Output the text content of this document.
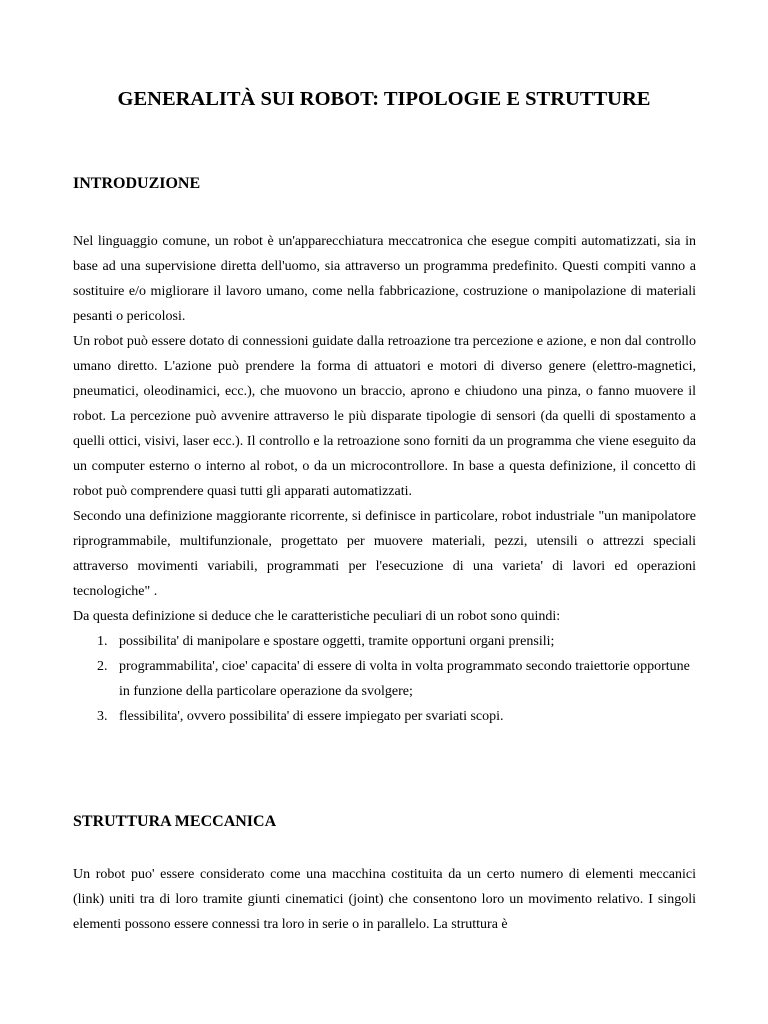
GENERALITÀ SUI ROBOT: TIPOLOGIE E STRUTTURE
INTRODUZIONE

Nel linguaggio comune, un robot è un'apparecchiatura meccatronica che esegue compiti automatizzati, sia in base ad una supervisione diretta dell'uomo, sia attraverso un programma predefinito. Questi compiti vanno a sostituire e/o migliorare il lavoro umano, come nella fabbricazione, costruzione o manipolazione di materiali pesanti o pericolosi.

Un robot può essere dotato di connessioni guidate dalla retroazione tra percezione e azione, e non dal controllo umano diretto. L'azione può prendere la forma di attuatori e motori di diverso genere (elettro-magnetici, pneumatici, oleodinamici, ecc.), che muovono un braccio, aprono e chiudono una pinza, o fanno muovere il robot. La percezione può avvenire attraverso le più disparate tipologie di sensori (da quelli di spostamento a quelli ottici, visivi, laser ecc.). Il controllo e la retroazione sono forniti da un programma che viene eseguito da un computer esterno o interno al robot, o da un microcontrollore. In base a questa definizione, il concetto di robot può comprendere quasi tutti gli apparati automatizzati.

Secondo una definizione maggiorante ricorrente, si definisce in particolare, robot industriale "un manipolatore riprogrammabile, multifunzionale, progettato per muovere materiali, pezzi, utensili o attrezzi speciali attraverso movimenti variabili, programmati per l'esecuzione di una varieta' di lavori ed operazioni tecnologiche" .

Da questa definizione si deduce che le caratteristiche peculiari di un robot sono quindi:

possibilita' di manipolare e spostare oggetti, tramite opportuni organi prensili;
programmabilita', cioe' capacita' di essere di volta in volta programmato secondo traiettorie opportune in funzione della particolare operazione da svolgere;
flessibilita', ovvero possibilita' di essere impiegato per svariati scopi.
STRUTTURA MECCANICA

Un robot puo' essere considerato come una macchina costituita da un certo numero di elementi meccanici (link) uniti tra di loro tramite giunti cinematici (joint) che consentono loro un movimento relativo. I singoli elementi possono essere connessi tra loro in serie o in parallelo. La struttura è
